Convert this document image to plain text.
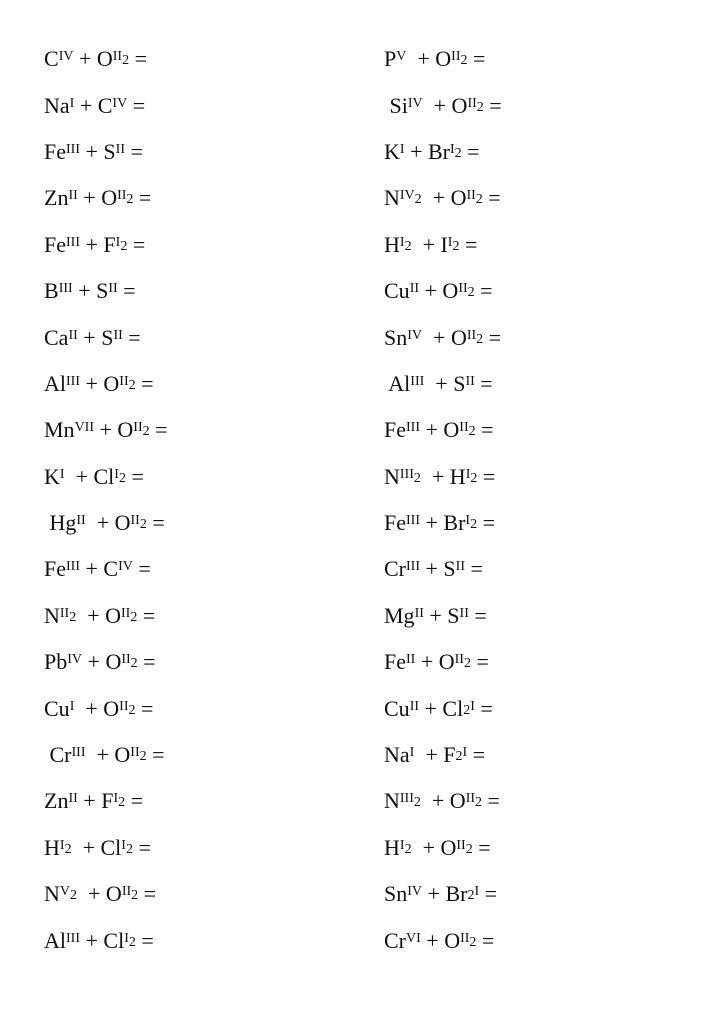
$C^{IV} + O^{II}_2$ =
$Na^I + C^{IV}$ =
$Fe^{III} + S^{II}$ =
$Zn^{II} + O^{II}_2$ =
$Fe^{III} + F^I_2$ =
$B^{III} + S^{II}$ =
$Ca^{II} + S^{II}$ =
$Al^{III} + O^{II}_2$ =
$Mn^{VII} + O^{II}_2$ =
$K^I + Cl^I_2$ =
$Hg^{II} + O^{II}_2$ =
$Fe^{III} + C^{IV}$ =
$N^{II}_2 + O^{II}_2$ =
$Pb^{IV} + O^{II}_2$ =
$Cu^I + O^{II}_2$ =
$Cr^{III} + O^{II}_2$ =
$Zn^{II} + F^I_2$ =
$H^I_2 + Cl^I_2$ =
$N^V_2 + O^{II}_2$ =
$Al^{III} + Cl^I_2$ =
$P^V + O^{II}_2$ =
$Si^{IV} + O^{II}_2$ =
$K^I + Br^I_2$ =
$N^{IV}_2 + O^{II}_2$ =
$H^I_2 + I^I_2$ =
$Cu^{II} + O^{II}_2$ =
$Sn^{IV} + O^{II}_2$ =
$Al^{III} + S^{II}$ =
$Fe^{III} + O^{II}_2$ =
$N^{III}_2 + H^I_2$ =
$Fe^{III} + Br^I_2$ =
$Cr^{III} + S^{II}$ =
$Mg^{II} + S^{II}$ =
$Fe^{II} + O^{II}_2$ =
$Cu^{II} + Cl_2^I$ =
$Na^I + F_2^I$ =
$N^{III}_2 + O^{II}_2$ =
$H^I_2 + O^{II}_2$ =
$Sn^{IV} + Br_2^I$ =
$Cr^{VI} + O^{II}_2$ =
